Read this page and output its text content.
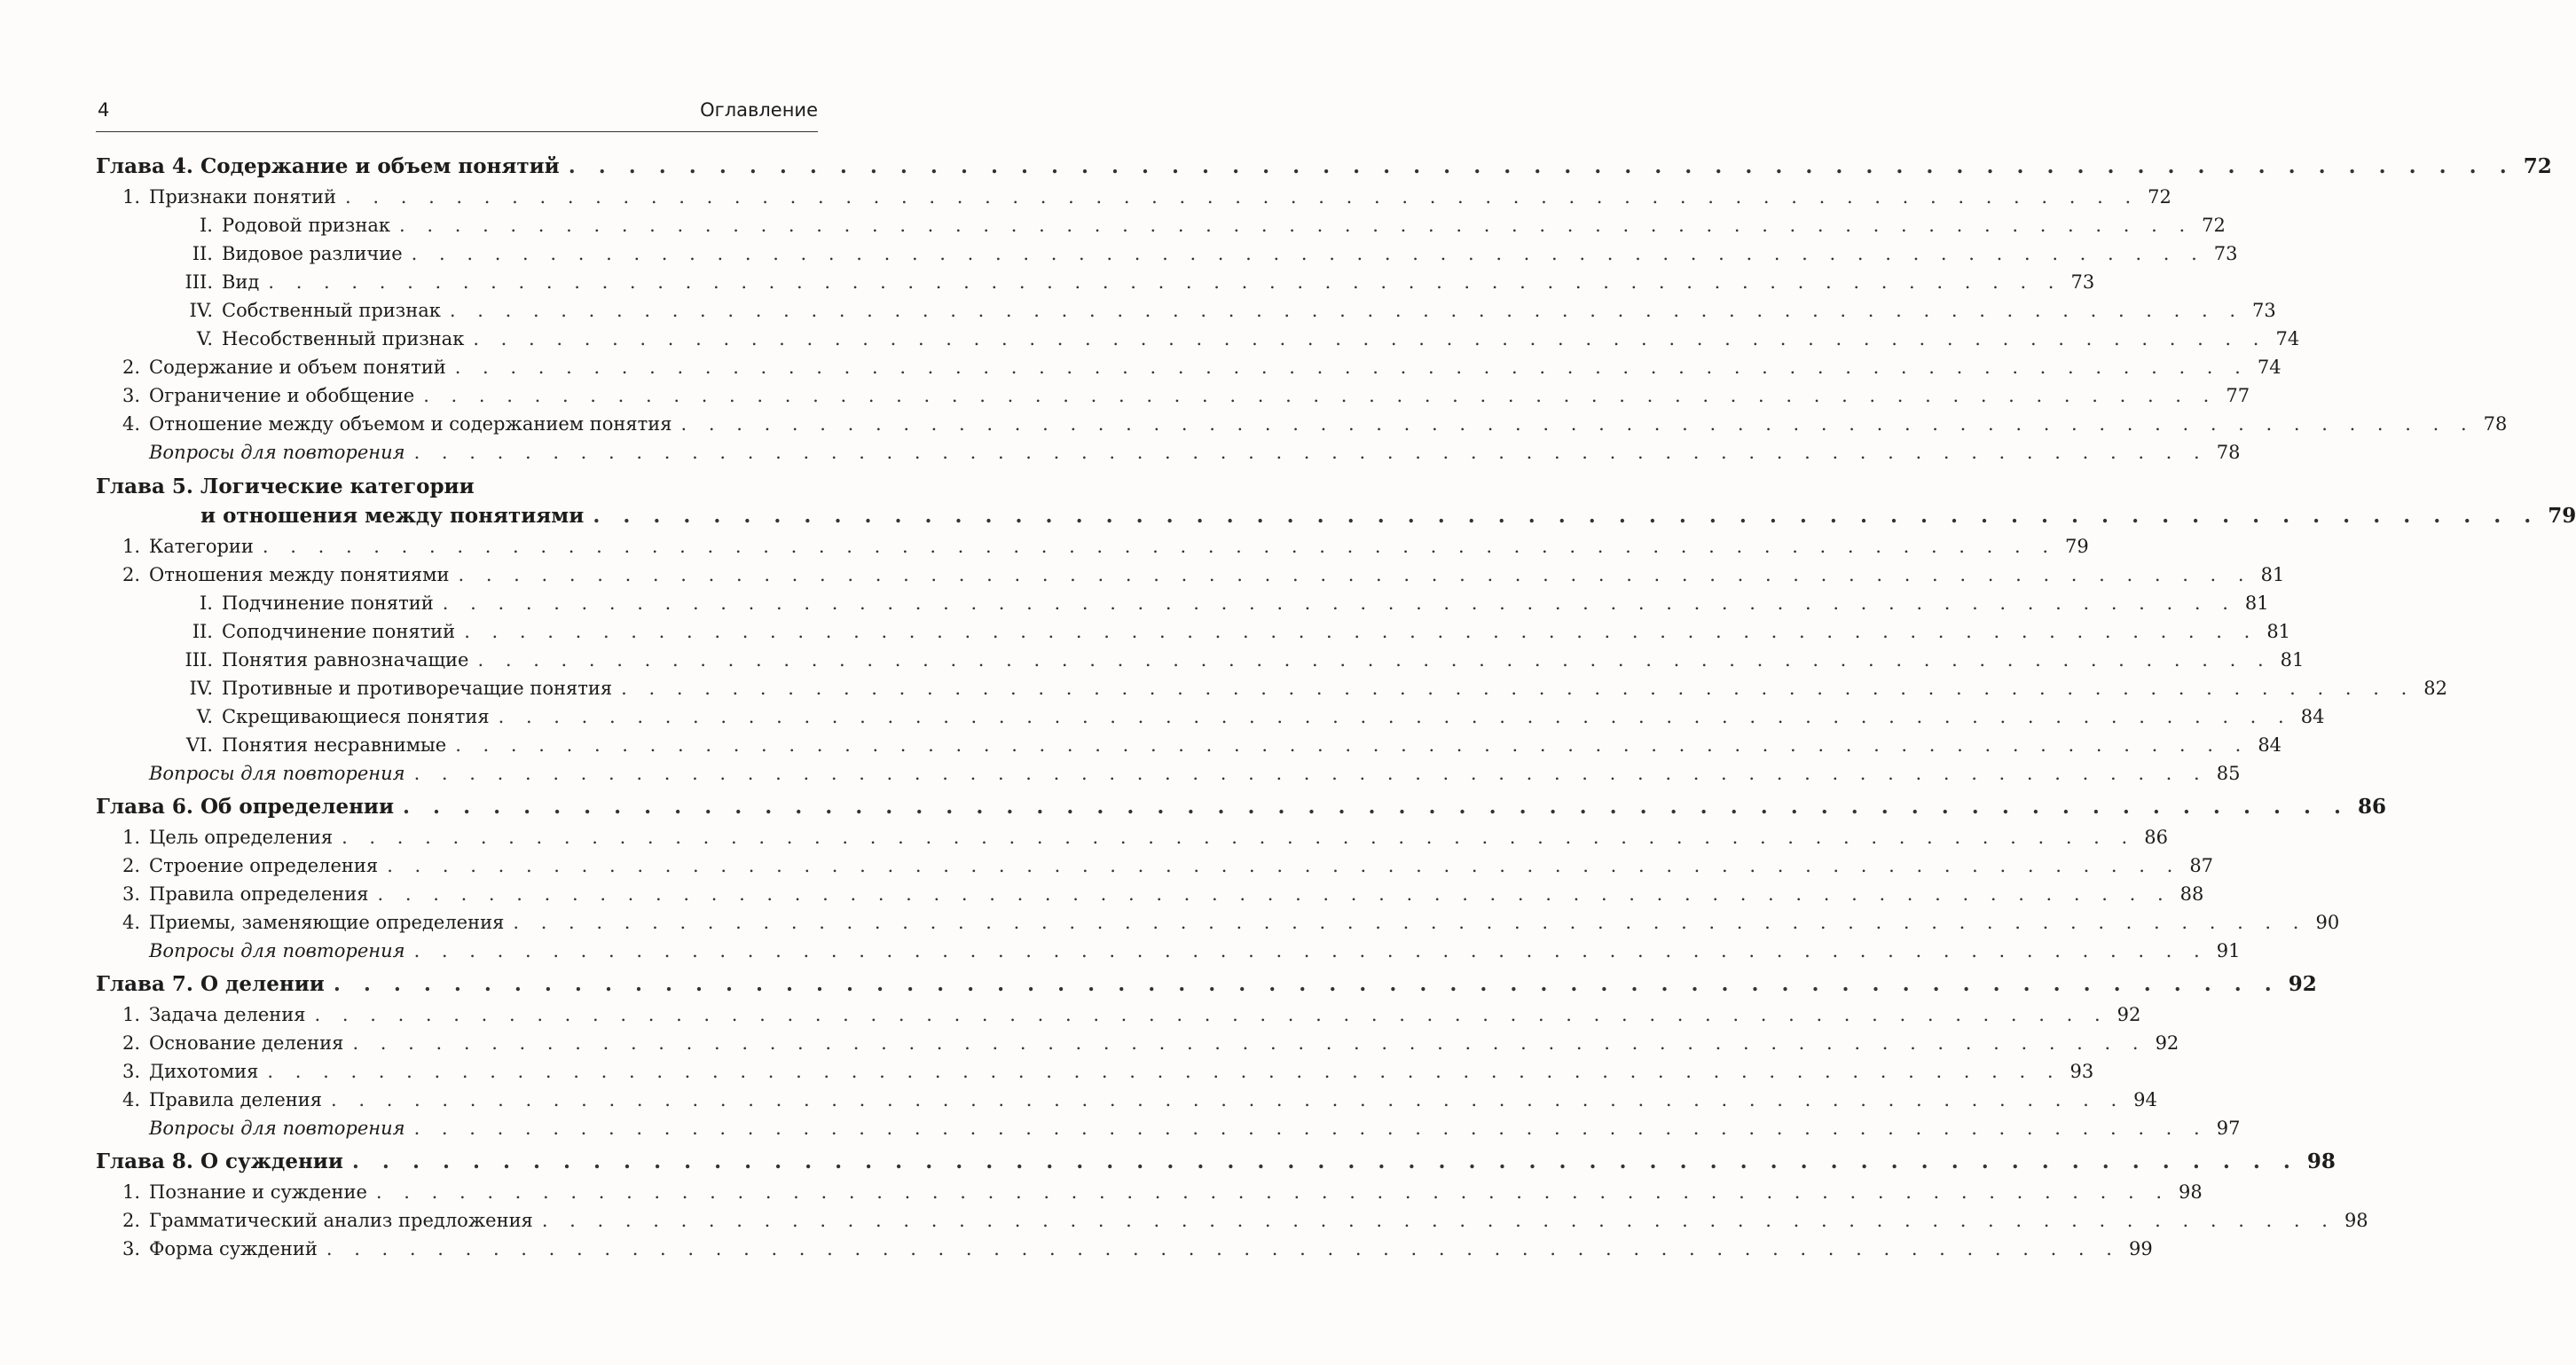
4	Оглавление
Глава 4. Содержание и объем понятий . . . . . . . . . . . . . . . . . . . . . . . . . . . . . . . . . . . . . . . . . . . . . . . . . . . . . . . . . . . . . . . . . 72
1. Признаки понятий . . . . . . . . . . . . . . . . . . . . . . . . . . . . . . . . . . . . . . . . . . . . . . . . . . . . . . . . . . . . . . . . . 72
I. Родовой признак . . . . . . . . . . . . . . . . . . . . . . . . . . . . . . . . . . . . . . . . . . . . . . . . . . . . . . . . . . . . . . . . . 72
II. Видовое различие . . . . . . . . . . . . . . . . . . . . . . . . . . . . . . . . . . . . . . . . . . . . . . . . . . . . . . . . . . . . . . . . . 73
III. Вид . . . . . . . . . . . . . . . . . . . . . . . . . . . . . . . . . . . . . . . . . . . . . . . . . . . . . . . . . . . . . . . . . 73
IV. Собственный признак . . . . . . . . . . . . . . . . . . . . . . . . . . . . . . . . . . . . . . . . . . . . . . . . . . . . . . . . . . . . . . . . . 73
V. Несобственный признак . . . . . . . . . . . . . . . . . . . . . . . . . . . . . . . . . . . . . . . . . . . . . . . . . . . . . . . . . . . . . . . . . 74
2. Содержание и объем понятий . . . . . . . . . . . . . . . . . . . . . . . . . . . . . . . . . . . . . . . . . . . . . . . . . . . . . . . . . . . . . . . . . 74
3. Ограничение и обобщение . . . . . . . . . . . . . . . . . . . . . . . . . . . . . . . . . . . . . . . . . . . . . . . . . . . . . . . . . . . . . . . . . 77
4. Отношение между объемом и содержанием понятия . . . . . . . . . . . . . . . . . . . . . . . . . . . . . . . . . . . . . . . . . . . . . . . . . . . . . . . . . . . . . . . . . 78
Вопросы для повторения . . . . . . . . . . . . . . . . . . . . . . . . . . . . . . . . . . . . . . . . . . . . . . . . . . . . . . . . . . . . . . . . . 78
Глава 5. Логические категории
и отношения между понятиями . . . . . . . . . . . . . . . . . . . . . . . . . . . . . . . . . . . . . . . . . . . . . . . . . . . . . . . . . . . . . . . . . 79
1. Категории . . . . . . . . . . . . . . . . . . . . . . . . . . . . . . . . . . . . . . . . . . . . . . . . . . . . . . . . . . . . . . . . . 79
2. Отношения между понятиями . . . . . . . . . . . . . . . . . . . . . . . . . . . . . . . . . . . . . . . . . . . . . . . . . . . . . . . . . . . . . . . . . 81
I. Подчинение понятий . . . . . . . . . . . . . . . . . . . . . . . . . . . . . . . . . . . . . . . . . . . . . . . . . . . . . . . . . . . . . . . . . 81
II. Соподчинение понятий . . . . . . . . . . . . . . . . . . . . . . . . . . . . . . . . . . . . . . . . . . . . . . . . . . . . . . . . . . . . . . . . . 81
III. Понятия равнозначащие . . . . . . . . . . . . . . . . . . . . . . . . . . . . . . . . . . . . . . . . . . . . . . . . . . . . . . . . . . . . . . . . . 81
IV. Противные и противоречащие понятия . . . . . . . . . . . . . . . . . . . . . . . . . . . . . . . . . . . . . . . . . . . . . . . . . . . . . . . . . . . . . . . . . 82
V. Скрещивающиеся понятия . . . . . . . . . . . . . . . . . . . . . . . . . . . . . . . . . . . . . . . . . . . . . . . . . . . . . . . . . . . . . . . . . 84
VI. Понятия несравнимые . . . . . . . . . . . . . . . . . . . . . . . . . . . . . . . . . . . . . . . . . . . . . . . . . . . . . . . . . . . . . . . . . 84
Вопросы для повторения . . . . . . . . . . . . . . . . . . . . . . . . . . . . . . . . . . . . . . . . . . . . . . . . . . . . . . . . . . . . . . . . . 85
Глава 6. Об определении . . . . . . . . . . . . . . . . . . . . . . . . . . . . . . . . . . . . . . . . . . . . . . . . . . . . . . . . . . . . . . . . . 86
1. Цель определения . . . . . . . . . . . . . . . . . . . . . . . . . . . . . . . . . . . . . . . . . . . . . . . . . . . . . . . . . . . . . . . . . 86
2. Строение определения . . . . . . . . . . . . . . . . . . . . . . . . . . . . . . . . . . . . . . . . . . . . . . . . . . . . . . . . . . . . . . . . . 87
3. Правила определения . . . . . . . . . . . . . . . . . . . . . . . . . . . . . . . . . . . . . . . . . . . . . . . . . . . . . . . . . . . . . . . . . 88
4. Приемы, заменяющие определения . . . . . . . . . . . . . . . . . . . . . . . . . . . . . . . . . . . . . . . . . . . . . . . . . . . . . . . . . . . . . . . . . 90
Вопросы для повторения . . . . . . . . . . . . . . . . . . . . . . . . . . . . . . . . . . . . . . . . . . . . . . . . . . . . . . . . . . . . . . . . . 91
Глава 7. О делении . . . . . . . . . . . . . . . . . . . . . . . . . . . . . . . . . . . . . . . . . . . . . . . . . . . . . . . . . . . . . . . . . 92
1. Задача деления . . . . . . . . . . . . . . . . . . . . . . . . . . . . . . . . . . . . . . . . . . . . . . . . . . . . . . . . . . . . . . . . . 92
2. Основание деления . . . . . . . . . . . . . . . . . . . . . . . . . . . . . . . . . . . . . . . . . . . . . . . . . . . . . . . . . . . . . . . . . 92
3. Дихотомия . . . . . . . . . . . . . . . . . . . . . . . . . . . . . . . . . . . . . . . . . . . . . . . . . . . . . . . . . . . . . . . . . 93
4. Правила деления . . . . . . . . . . . . . . . . . . . . . . . . . . . . . . . . . . . . . . . . . . . . . . . . . . . . . . . . . . . . . . . . . 94
Вопросы для повторения . . . . . . . . . . . . . . . . . . . . . . . . . . . . . . . . . . . . . . . . . . . . . . . . . . . . . . . . . . . . . . . . . 97
Глава 8. О суждении . . . . . . . . . . . . . . . . . . . . . . . . . . . . . . . . . . . . . . . . . . . . . . . . . . . . . . . . . . . . . . . . . 98
1. Познание и суждение . . . . . . . . . . . . . . . . . . . . . . . . . . . . . . . . . . . . . . . . . . . . . . . . . . . . . . . . . . . . . . . . . 98
2. Грамматический анализ предложения . . . . . . . . . . . . . . . . . . . . . . . . . . . . . . . . . . . . . . . . . . . . . . . . . . . . . . . . . . . . . . . . . 98
3. Форма суждений . . . . . . . . . . . . . . . . . . . . . . . . . . . . . . . . . . . . . . . . . . . . . . . . . . . . . . . . . . . . . . . . . 99
